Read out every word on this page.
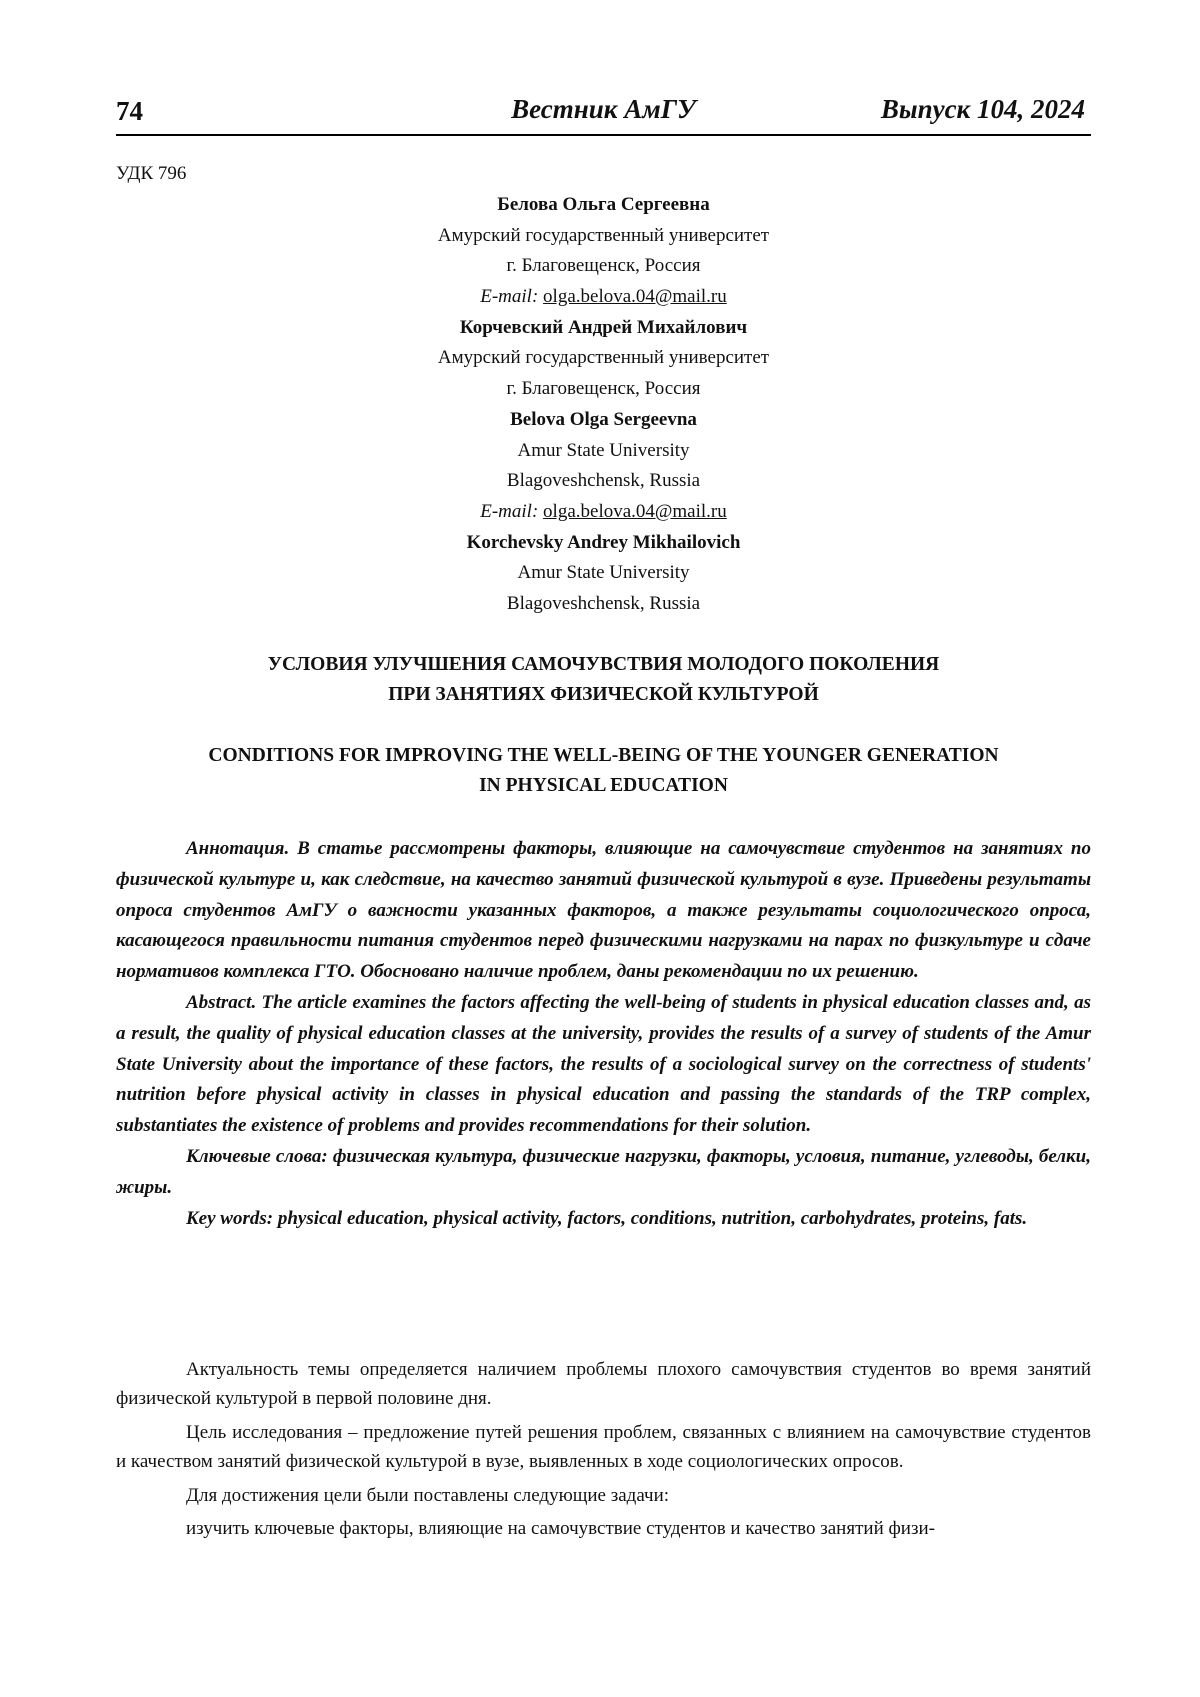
74	Вестник АмГУ	Выпуск 104, 2024
УДК 796
Белова Ольга Сергеевна
Амурский государственный университет
г. Благовещенск, Россия
E-mail: olga.belova.04@mail.ru
Корчевский Андрей Михайлович
Амурский государственный университет
г. Благовещенск, Россия
Belova Olga Sergeevna
Amur State University
Blagoveshchensk, Russia
E-mail: olga.belova.04@mail.ru
Korchevsky Andrey Mikhailovich
Amur State University
Blagoveshchensk, Russia
УСЛОВИЯ УЛУЧШЕНИЯ САМОЧУВСТВИЯ МОЛОДОГО ПОКОЛЕНИЯ
ПРИ ЗАНЯТИЯХ ФИЗИЧЕСКОЙ КУЛЬТУРОЙ
CONDITIONS FOR IMPROVING THE WELL-BEING OF THE YOUNGER GENERATION
IN PHYSICAL EDUCATION

Аннотация. В статье рассмотрены факторы, влияющие на самочувствие студентов на занятиях по физической культуре и, как следствие, на качество занятий физической культурой в вузе. Приведены результаты опроса студентов АмГУ о важности указанных факторов, а также результаты социологического опроса, касающегося правильности питания студентов перед физическими нагрузками на парах по физкультуре и сдаче нормативов комплекса ГТО. Обосновано наличие проблем, даны рекомендации по их решению.

Abstract. The article examines the factors affecting the well-being of students in physical education classes and, as a result, the quality of physical education classes at the university, provides the results of a survey of students of the Amur State University about the importance of these factors, the results of a sociological survey on the correctness of students' nutrition before physical activity in classes in physical education and passing the standards of the TRP complex, substantiates the existence of problems and provides recommendations for their solution.

Ключевые слова: физическая культура, физические нагрузки, факторы, условия, питание, углеводы, белки, жиры.

Key words: physical education, physical activity, factors, conditions, nutrition, carbohydrates, proteins, fats.

Актуальность темы определяется наличием проблемы плохого самочувствия студентов во время занятий физической культурой в первой половине дня.

Цель исследования – предложение путей решения проблем, связанных с влиянием на самочувствие студентов и качеством занятий физической культурой в вузе, выявленных в ходе социологических опросов.

Для достижения цели были поставлены следующие задачи:

изучить ключевые факторы, влияющие на самочувствие студентов и качество занятий физи-
